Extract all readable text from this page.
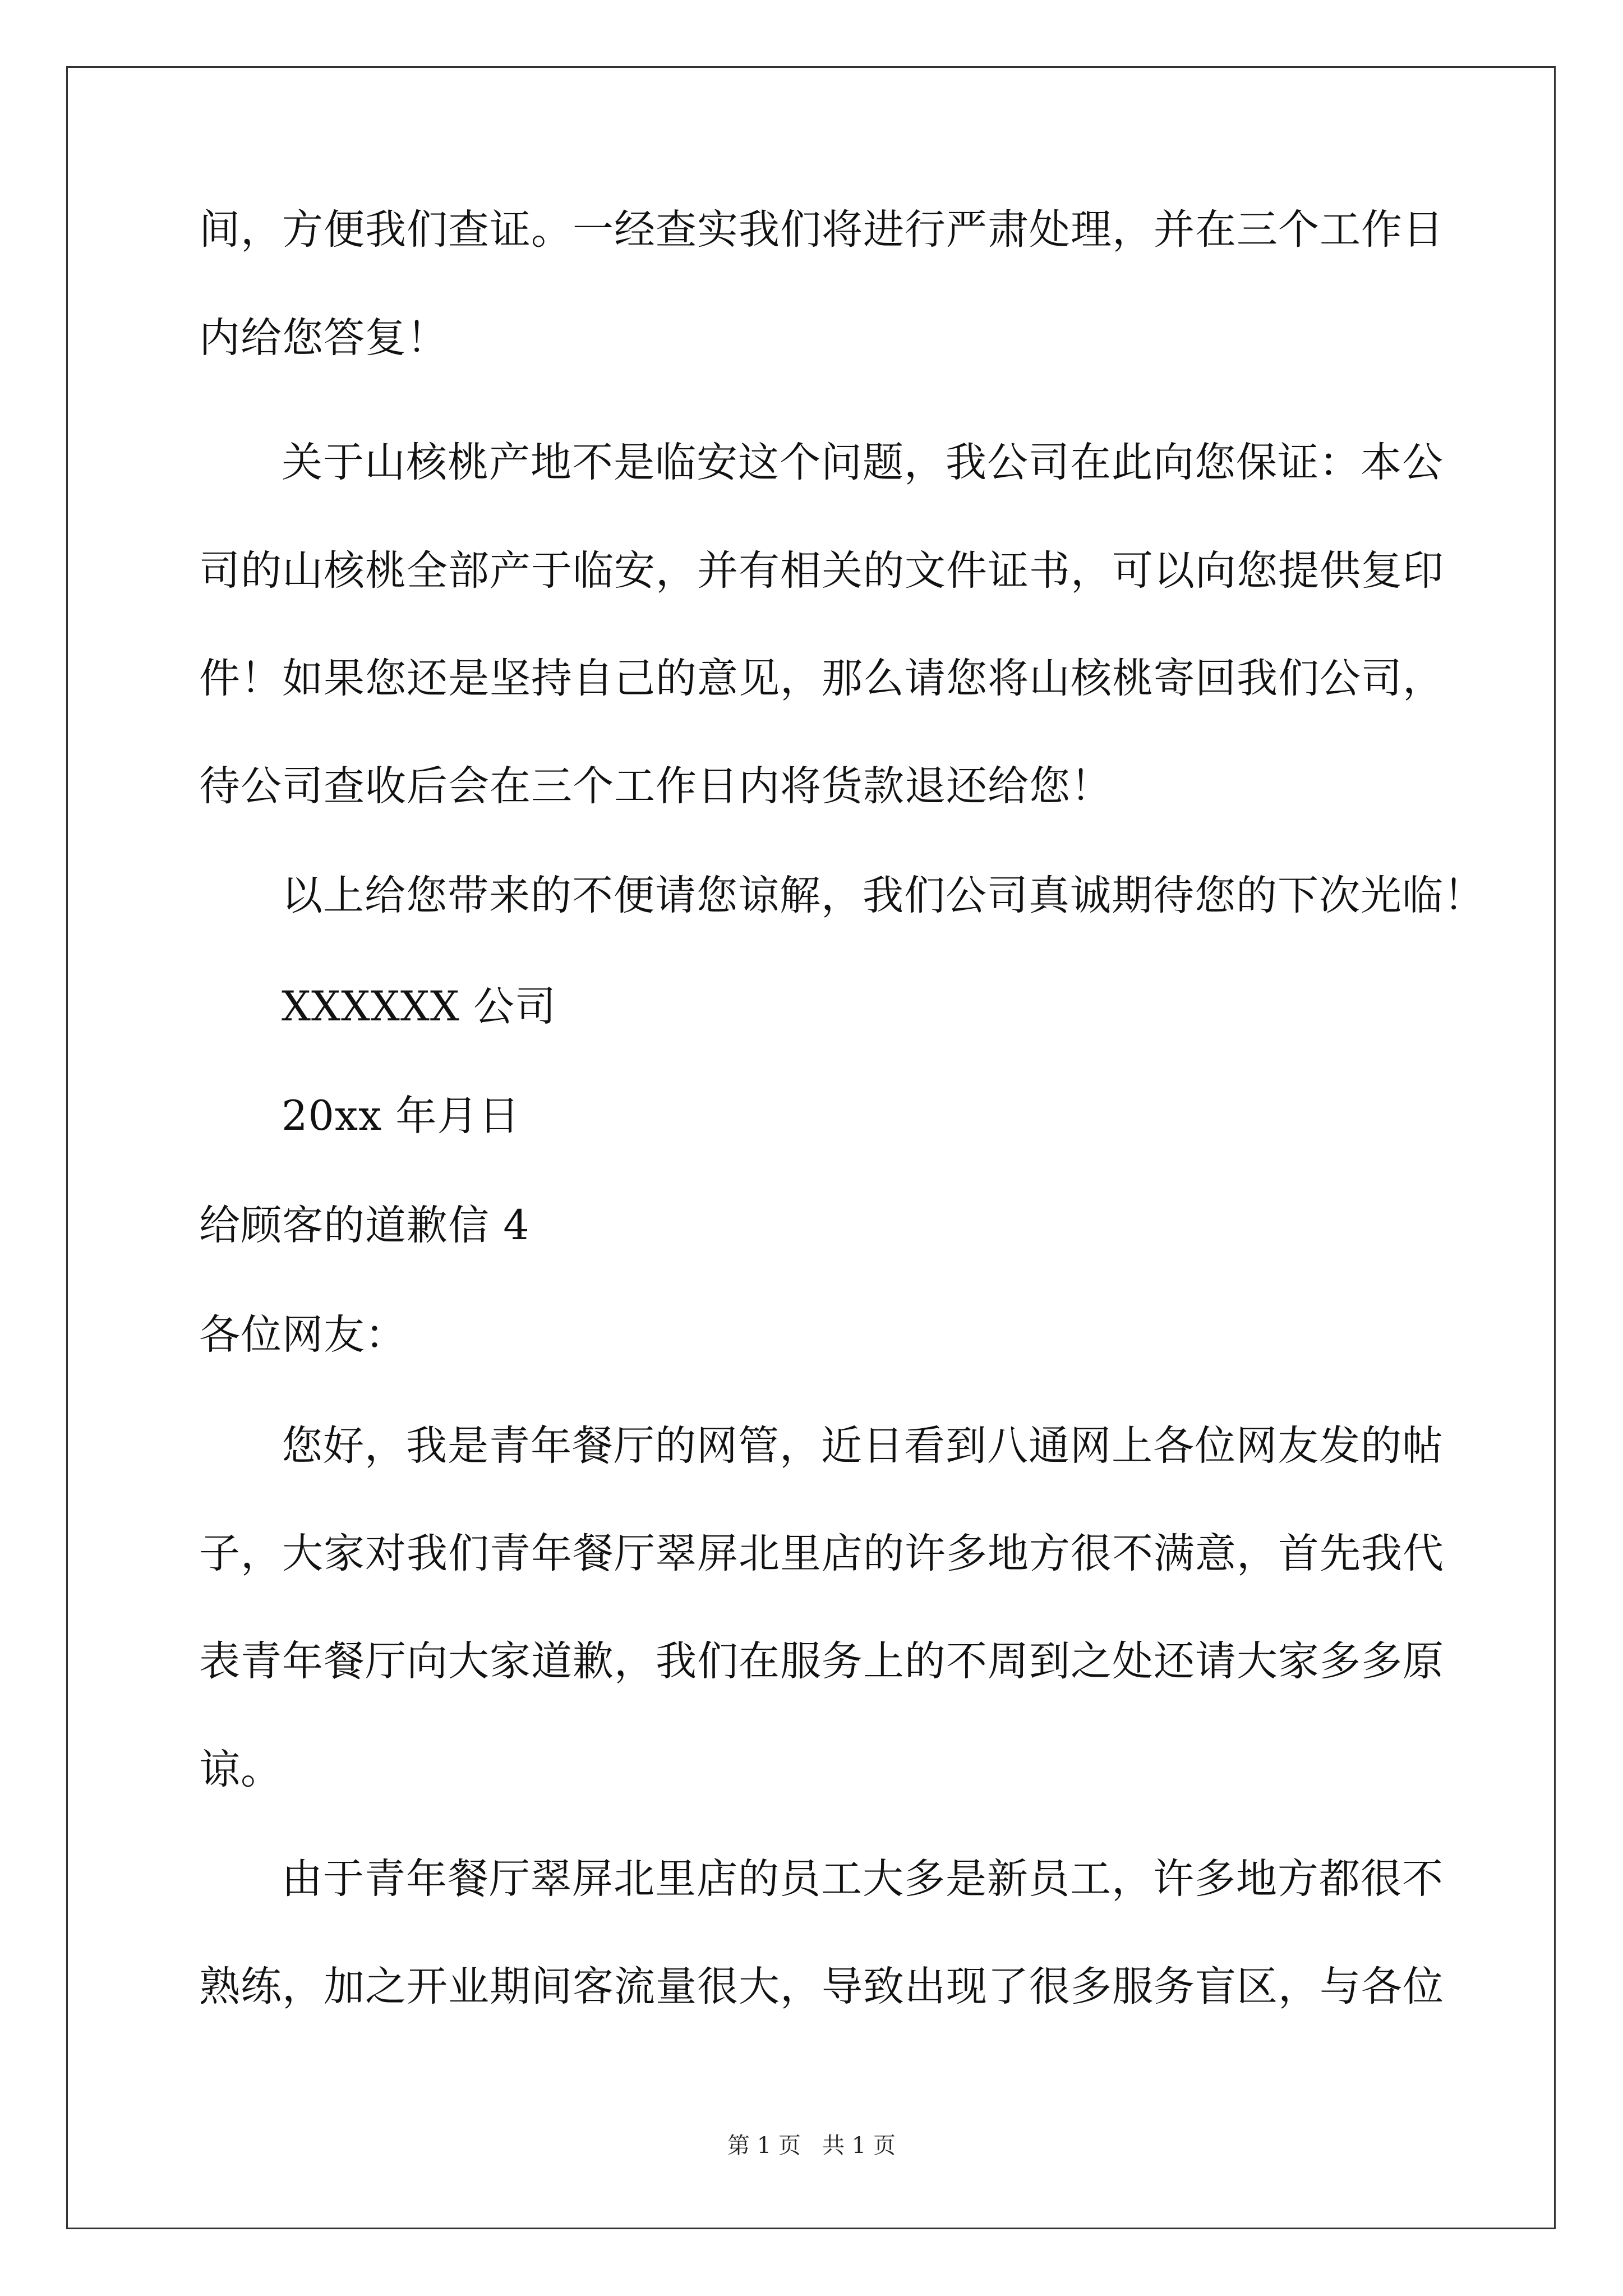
间，方便我们查证。一经查实我们将进行严肃处理，并在三个工作日
内给您答复！
关于山核桃产地不是临安这个问题，我公司在此向您保证：本公
司的山核桃全部产于临安，并有相关的文件证书，可以向您提供复印
件！如果您还是坚持自己的意见，那么请您将山核桃寄回我们公司，
待公司查收后会在三个工作日内将货款退还给您！
以上给您带来的不便请您谅解，我们公司真诚期待您的下次光临！
XXXXXX 公司
20xx 年月日
给顾客的道歉信 4
各位网友：
您好，我是青年餐厅的网管，近日看到八通网上各位网友发的帖
子，大家对我们青年餐厅翠屏北里店的许多地方很不满意，首先我代
表青年餐厅向大家道歉，我们在服务上的不周到之处还请大家多多原
谅。
由于青年餐厅翠屏北里店的员工大多是新员工，许多地方都很不
熟练，加之开业期间客流量很大，导致出现了很多服务盲区，与各位
第 1 页   共 1 页
